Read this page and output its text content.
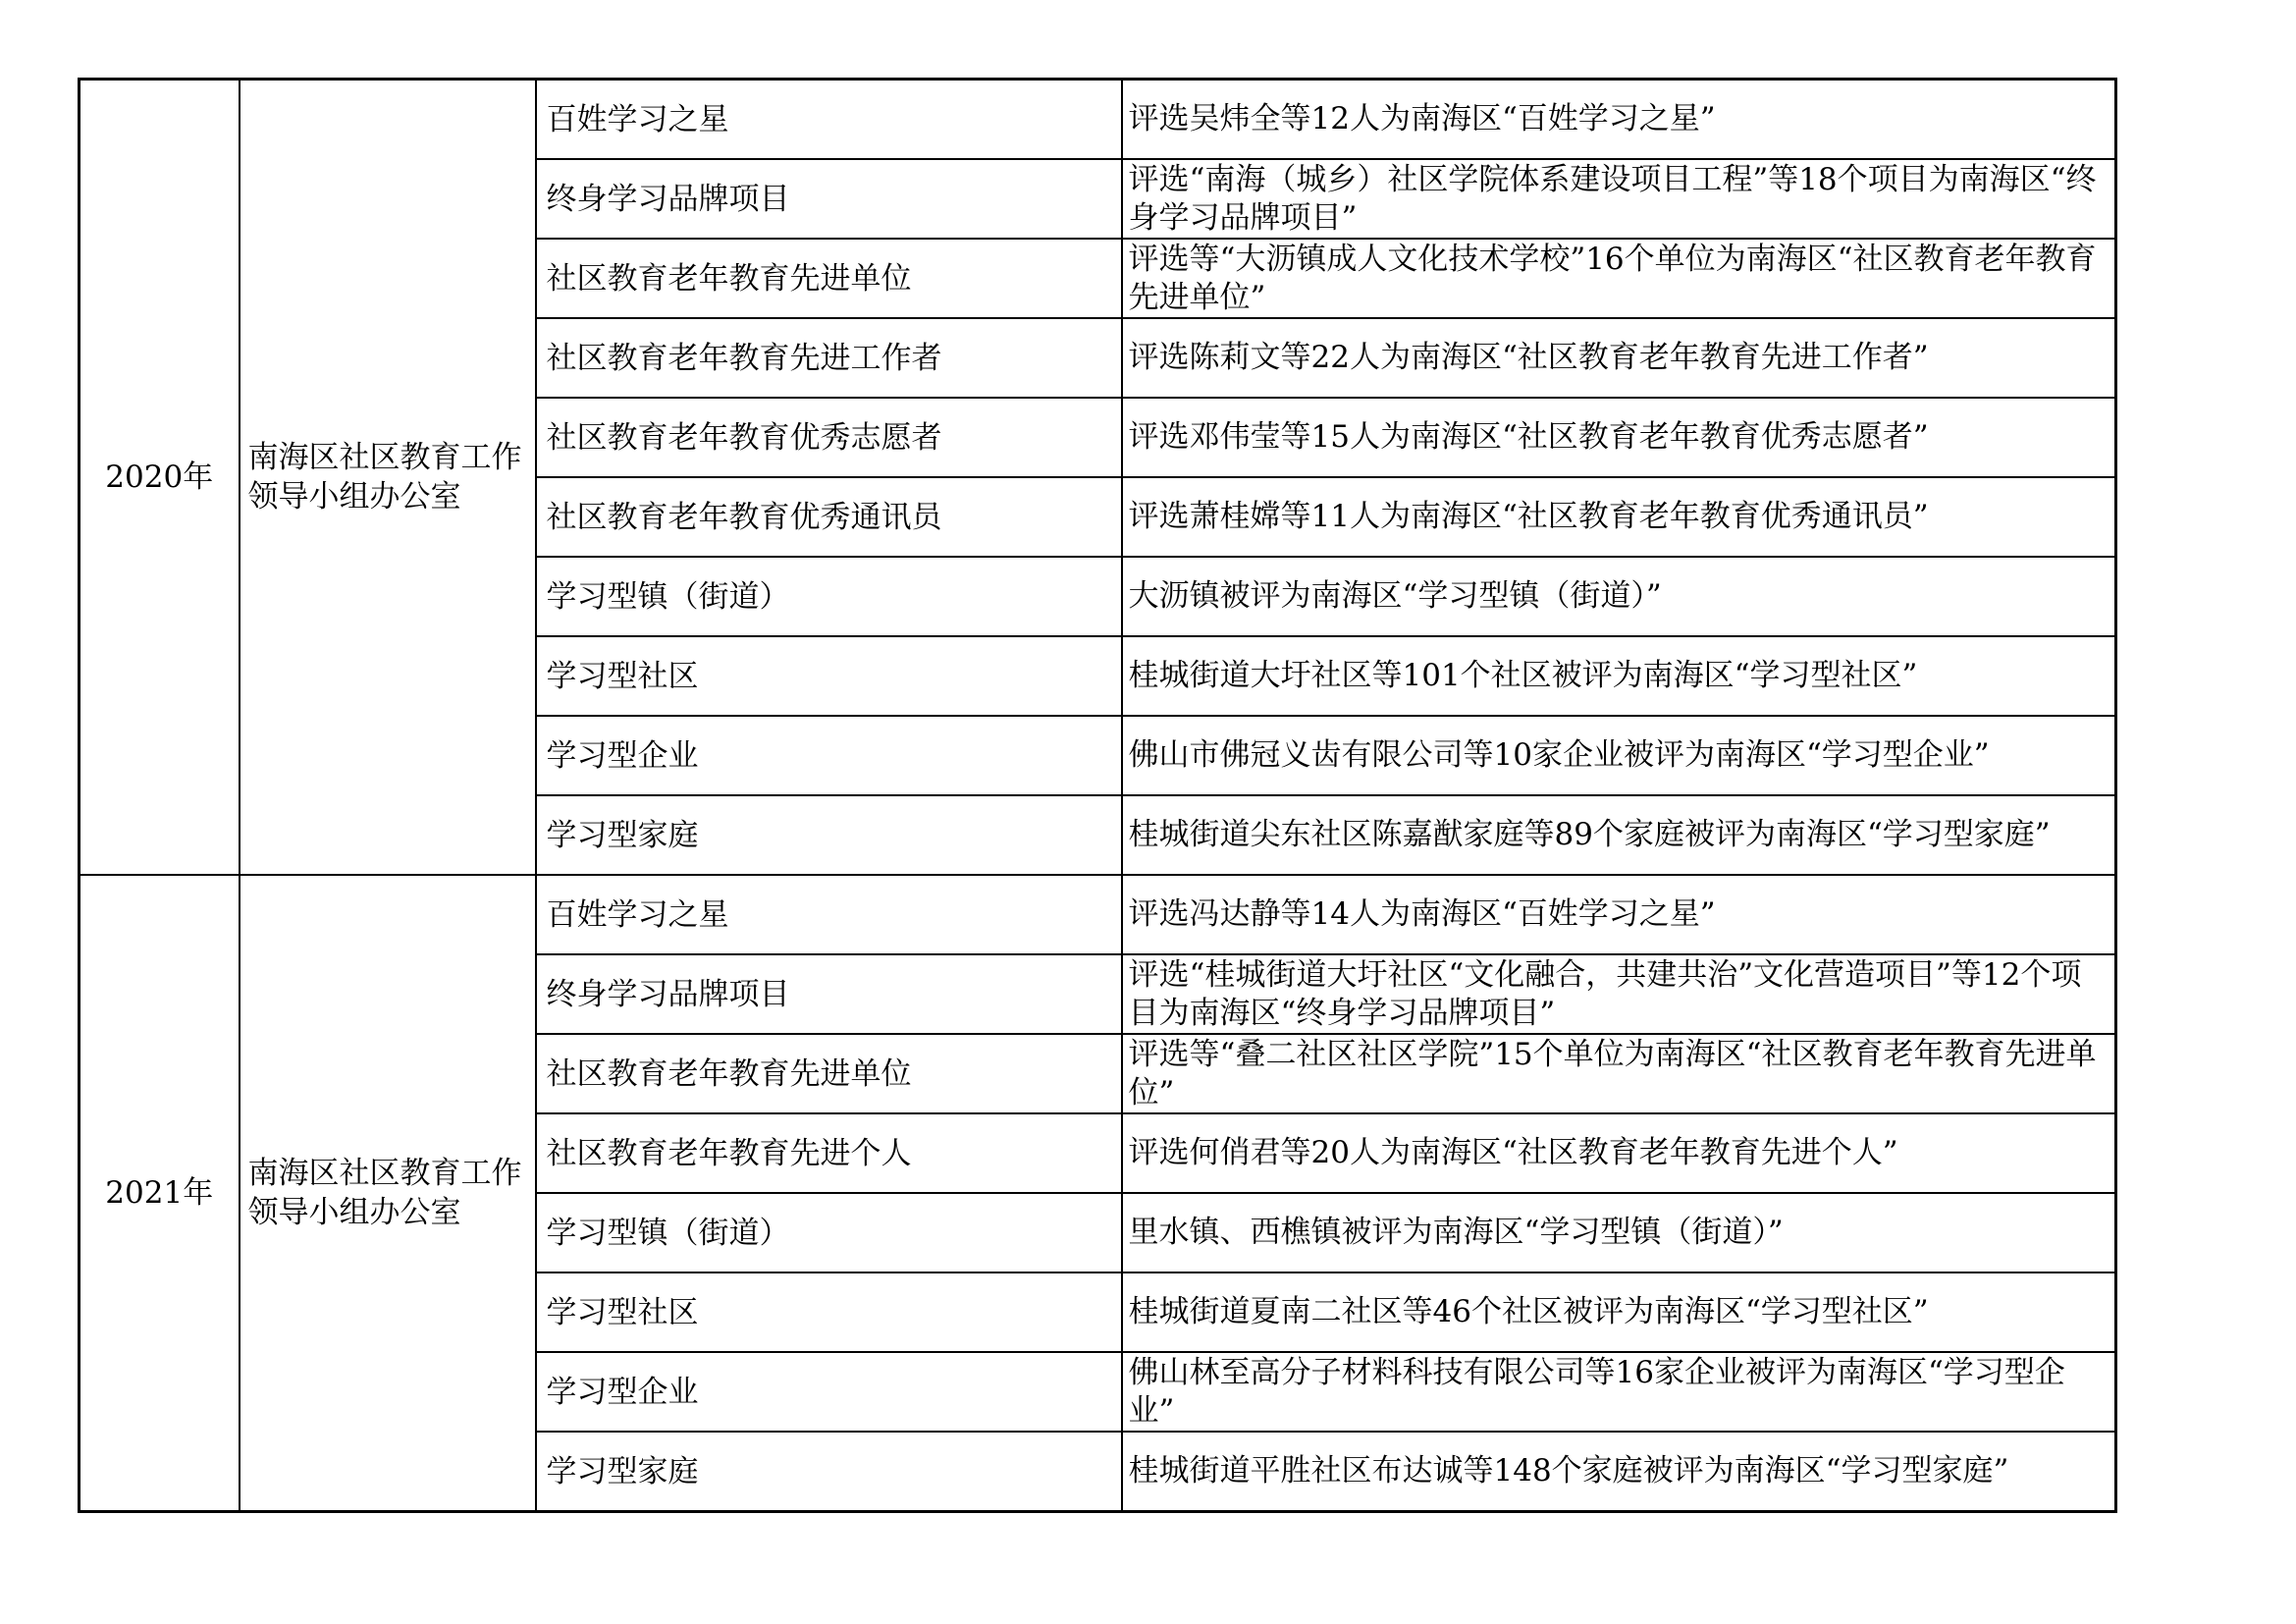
2020年	南海区社区教育工作领导小组办公室	百姓学习之星	评选吴炜全等12人为南海区“百姓学习之星”
		终身学习品牌项目	评选“南海（城乡）社区学院体系建设项目工程”等18个项目为南海区“终身学习品牌项目”
		社区教育老年教育先进单位	评选等“大沥镇成人文化技术学校”16个单位为南海区“社区教育老年教育先进单位”
		社区教育老年教育先进工作者	评选陈莉文等22人为南海区“社区教育老年教育先进工作者”
		社区教育老年教育优秀志愿者	评选邓伟莹等15人为南海区“社区教育老年教育优秀志愿者”
		社区教育老年教育优秀通讯员	评选萧桂嫦等11人为南海区“社区教育老年教育优秀通讯员”
		学习型镇（街道）	大沥镇被评为南海区“学习型镇（街道）”
		学习型社区	桂城街道大圩社区等101个社区被评为南海区“学习型社区”
		学习型企业	佛山市佛冠义齿有限公司等10家企业被评为南海区“学习型企业”
		学习型家庭	桂城街道尖东社区陈嘉猷家庭等89个家庭被评为南海区“学习型家庭”
2021年	南海区社区教育工作领导小组办公室	百姓学习之星	评选冯达静等14人为南海区“百姓学习之星”
		终身学习品牌项目	评选“桂城街道大圩社区“文化融合，共建共治”文化营造项目”等12个项目为南海区“终身学习品牌项目”
		社区教育老年教育先进单位	评选等“叠二社区社区学院”15个单位为南海区“社区教育老年教育先进单位”
		社区教育老年教育先进个人	评选何俏君等20人为南海区“社区教育老年教育先进个人”
		学习型镇（街道）	里水镇、西樵镇被评为南海区“学习型镇（街道）”
		学习型社区	桂城街道夏南二社区等46个社区被评为南海区“学习型社区”
		学习型企业	佛山林至高分子材料科技有限公司等16家企业被评为南海区“学习型企业”
		学习型家庭	桂城街道平胜社区布达诚等148个家庭被评为南海区“学习型家庭”
